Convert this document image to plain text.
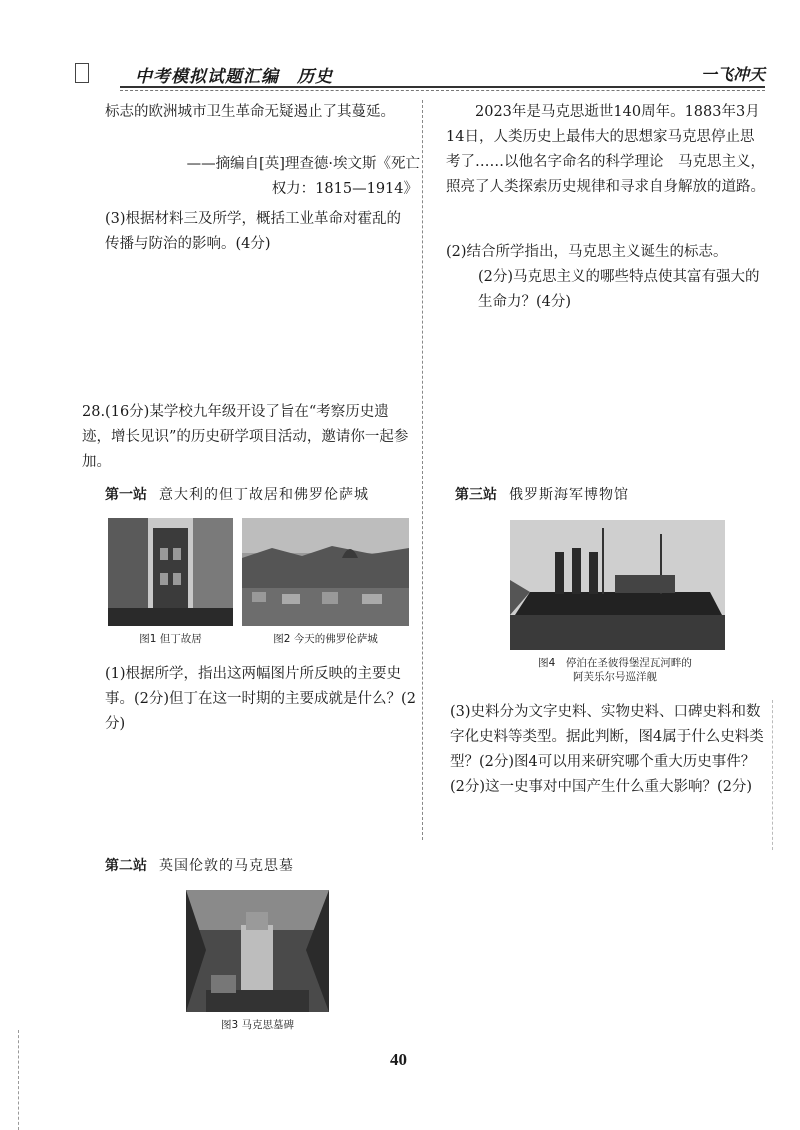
中考模拟试题汇编　历史	一飞冲天
标志的欧洲城市卫生革命无疑遏止了其蔓延。
——摘编自[英]理查德·埃文斯《死亡
权力：1815—1914》
(3)根据材料三及所学，概括工业革命对霍乱的传播与防治的影响。(4分)
28.(16分)某学校九年级开设了旨在“考察历史遗迹，增长见识”的历史研学项目活动，邀请你一起参加。
第一站 意大利的但丁故居和佛罗伦萨城
图1 但丁故居	图2 今天的佛罗伦萨城
(1)根据所学，指出这两幅图片所反映的主要史事。(2分)但丁在这一时期的主要成就是什么？(2分)
第二站 英国伦敦的马克思墓
图3 马克思墓碑
2023年是马克思逝世140周年。1883年3月14日，人类历史上最伟大的思想家马克思停止思考了……以他名字命名的科学理论　马克思主义，照亮了人类探索历史规律和寻求自身解放的道路。
(2)结合所学指出，马克思主义诞生的标志。
(2分)马克思主义的哪些特点使其富有强大的生命力？(4分)
第三站 俄罗斯海军博物馆
图4　停泊在圣彼得堡涅瓦河畔的
阿芙乐尔号巡洋舰
(3)史料分为文字史料、实物史料、口碑史料和数字化史料等类型。据此判断，图4属于什么史料类型？(2分)图4可以用来研究哪个重大历史事件？(2分)这一史事对中国产生什么重大影响？(2分)
40
